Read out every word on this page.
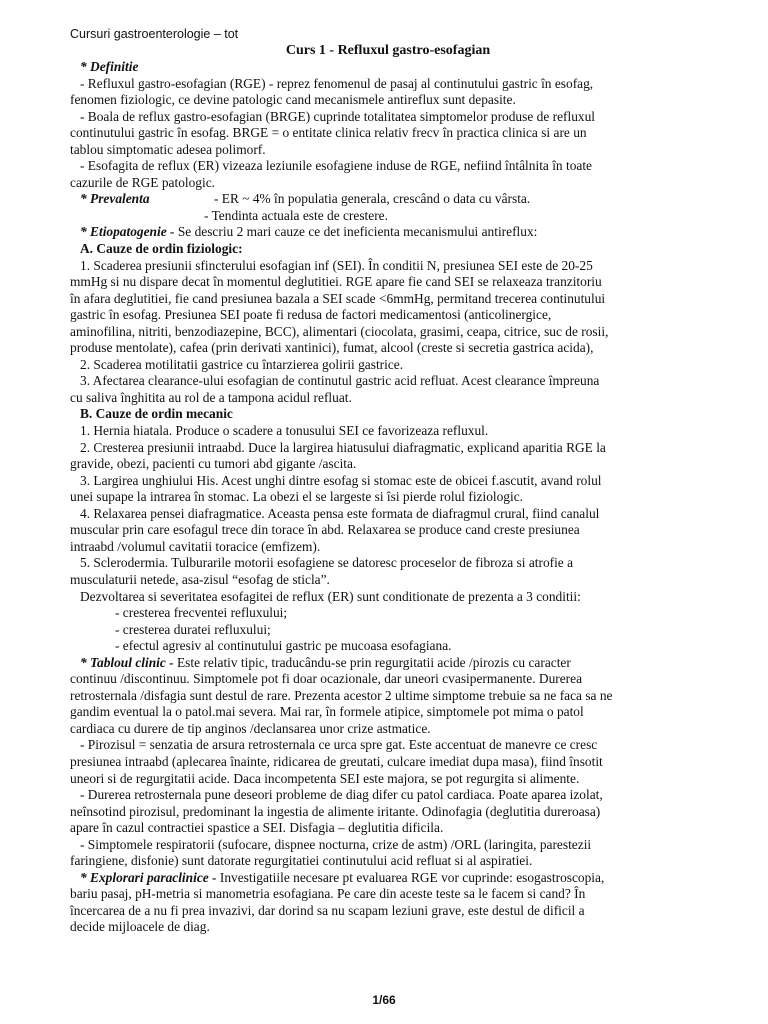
Cursuri gastroenterologie – tot
Curs 1 - Refluxul gastro-esofagian
* Definitie
- Refluxul gastro-esofagian (RGE) - reprez fenomenul de pasaj al continutului gastric în esofag,
fenomen fiziologic, ce devine patologic cand mecanismele antireflux sunt depasite.
- Boala de reflux gastro-esofagian (BRGE) cuprinde totalitatea simptomelor produse de refluxul
continutului gastric în esofag. BRGE = o entitate clinica relativ frecv în practica clinica si are un
tablou simptomatic adesea polimorf.
- Esofagita de reflux (ER) vizeaza leziunile esofagiene induse de RGE, nefiind întâlnita în toate
cazurile de RGE patologic.
* Prevalenta	- ER ~ 4% în populatia generala, crescând o data cu vârsta.
- Tendinta actuala este de crestere.
* Etiopatogenie - Se descriu 2 mari cauze ce det ineficienta mecanismului antireflux:
A. Cauze de ordin fiziologic:
1. Scaderea presiunii sfincterului esofagian inf (SEI). În conditii N, presiunea SEI este de 20-25
mmHg si nu dispare decat în momentul deglutitiei. RGE apare fie cand SEI se relaxeaza tranzitoriu
în afara deglutitiei, fie cand presiunea bazala a SEI scade <6mmHg, permitand trecerea continutului
gastric în esofag. Presiunea SEI poate fi redusa de factori medicamentosi (anticolinergice,
aminofilina, nitriti, benzodiazepine, BCC), alimentari (ciocolata, grasimi, ceapa, citrice, suc de rosii,
produse mentolate), cafea (prin derivati xantinici), fumat, alcool (creste si secretia gastrica acida),
2. Scaderea motilitatii gastrice cu întarzierea golirii gastrice.
3. Afectarea clearance-ului esofagian de continutul gastric acid refluat. Acest clearance împreuna
cu saliva înghitita au rol de a tampona acidul refluat.
B. Cauze de ordin mecanic
1. Hernia hiatala. Produce o scadere a tonusului SEI ce favorizeaza refluxul.
2. Cresterea presiunii intraabd. Duce la largirea hiatusului diafragmatic, explicand aparitia RGE la
gravide, obezi, pacienti cu tumori abd gigante /ascita.
3. Largirea unghiului His. Acest unghi dintre esofag si stomac este de obicei f.ascutit, avand rolul
unei supape la intrarea în stomac. La obezi el se largeste si îsi pierde rolul fiziologic.
4. Relaxarea pensei diafragmatice. Aceasta pensa este formata de diafragmul crural, fiind canalul
muscular prin care esofagul trece din torace în abd. Relaxarea se produce cand creste presiunea
intraabd /volumul cavitatii toracice (emfizem).
5. Sclerodermia. Tulburarile motorii esofagiene se datoresc proceselor de fibroza si atrofie a
musculaturii netede, asa-zisul “esofag de sticla”.
Dezvoltarea si severitatea esofagitei de reflux (ER) sunt conditionate de prezenta a 3 conditii:
- cresterea frecventei refluxului;
- cresterea duratei refluxului;
- efectul agresiv al continutului gastric pe mucoasa esofagiana.
* Tabloul clinic - Este relativ tipic, traducându-se prin regurgitatii acide /pirozis cu caracter
continuu /discontinuu. Simptomele pot fi doar ocazionale, dar uneori cvasipermanente. Durerea
retrosternala /disfagia sunt destul de rare. Prezenta acestor 2 ultime simptome trebuie sa ne faca sa ne
gandim eventual la o patol.mai severa. Mai rar, în formele atipice, simptomele pot mima o patol
cardiaca cu durere de tip anginos /declansarea unor crize astmatice.
- Pirozisul = senzatia de arsura retrosternala ce urca spre gat. Este accentuat de manevre ce cresc
presiunea intraabd (aplecarea înainte, ridicarea de greutati, culcare imediat dupa masa), fiind însotit
uneori si de regurgitatii acide. Daca incompetenta SEI este majora, se pot regurgita si alimente.
- Durerea retrosternala pune deseori probleme de diag difer cu patol cardiaca. Poate aparea izolat,
neînsotind pirozisul, predominant la ingestia de alimente iritante. Odinofagia (deglutitia dureroasa)
apare în cazul contractiei spastice a SEI. Disfagia – deglutitia dificila.
- Simptomele respiratorii (sufocare, dispnee nocturna, crize de astm) /ORL (laringita, parestezii
faringiene, disfonie) sunt datorate regurgitatiei continutului acid refluat si al aspiratiei.
* Explorari paraclinice - Investigatiile necesare pt evaluarea RGE vor cuprinde: esogastroscopia,
bariu pasaj, pH-metria si manometria esofagiana. Pe care din aceste teste sa le facem si cand? În
încercarea de a nu fi prea invazivi, dar dorind sa nu scapam leziuni grave, este destul de dificil a
decide mijloacele de diag.
1/66
